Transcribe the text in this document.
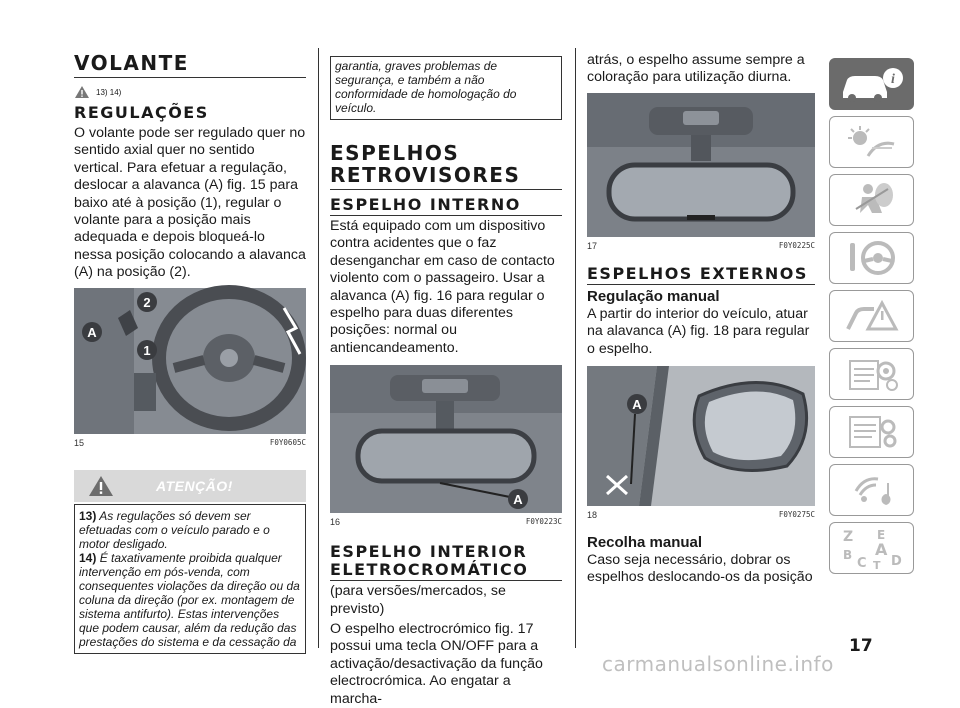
VOLANTE
13) 14)
REGULAÇÕES
O volante pode ser regulado quer no sentido axial quer no sentido vertical. Para efetuar a regulação, deslocar a alavanca (A) fig. 15 para baixo até à posição (1), regular o volante para a posição mais adequada e depois bloqueá-lo nessa posição colocando a alavanca (A) na posição (2).
A
2
1
15	F0Y0605C
ATENÇÃO!
13) As regulações só devem ser efetuadas com o veículo parado e o motor desligado.
14) É taxativamente proibida qualquer intervenção em pós-venda, com consequentes violações da direção ou da coluna da direção (por ex. montagem de sistema antifurto). Estas intervenções que podem causar, além da redução das prestações do sistema e da cessação da
garantia, graves problemas de segurança, e também a não conformidade de homologação do veículo.
ESPELHOS
RETROVISORES
ESPELHO INTERNO
Está equipado com um dispositivo contra acidentes que o faz desenganchar em caso de contacto violento com o passageiro. Usar a alavanca (A) fig. 16 para regular o espelho para duas diferentes posições: normal ou antiencandeamento.
A
16	F0Y0223C
ESPELHO INTERIOR
ELETROCROMÁTICO
(para versões/mercados, se previsto)
O espelho electrocrómico fig. 17 possui uma tecla ON/OFF para a activação/desactivação da função electrocrómica. Ao engatar a marcha-
atrás, o espelho assume sempre a coloração para utilização diurna.
17	F0Y0225C
ESPELHOS EXTERNOS
Regulação manual
A partir do interior do veículo, atuar na alavanca (A) fig. 18 para regular o espelho.
A
18	F0Y0275C
Recolha manual
Caso seja necessário, dobrar os espelhos deslocando-os da posição
i
Z E
B A
C T D
17
carmanualsonline.info
